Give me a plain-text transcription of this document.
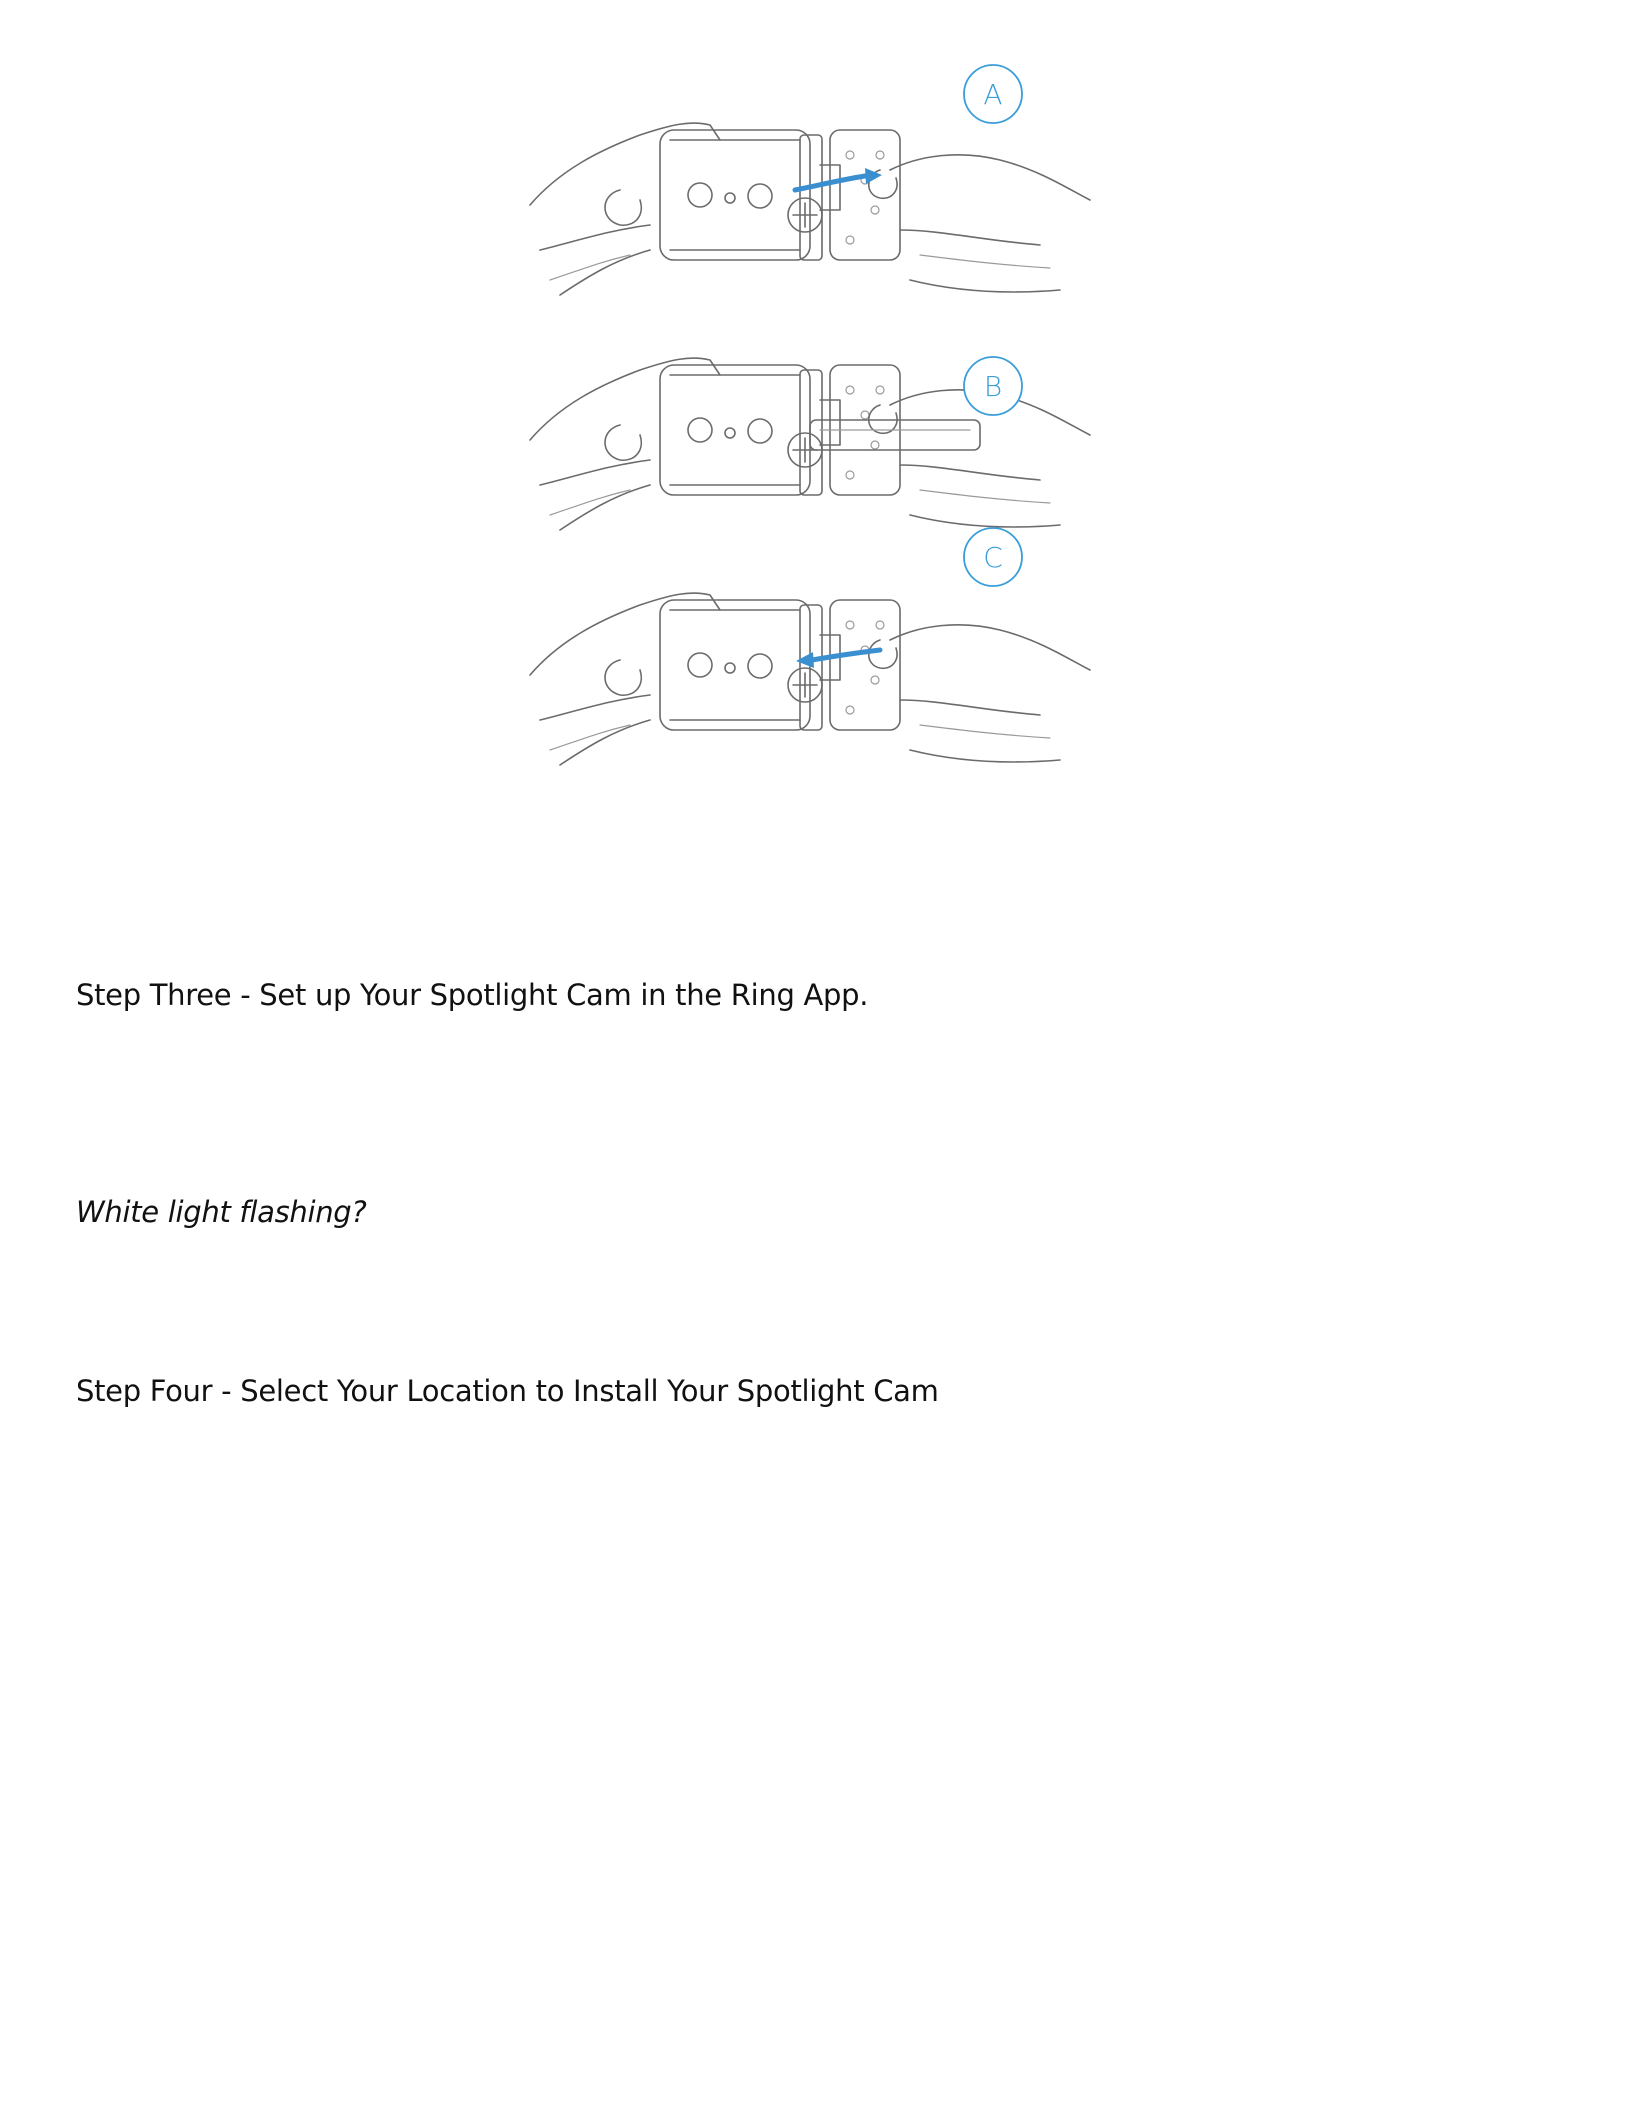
A
B
C
Step Three - Set up Your Spotlight Cam in the Ring App.

White light flashing?

Step Four - Select Your Location to Install Your Spotlight Cam
